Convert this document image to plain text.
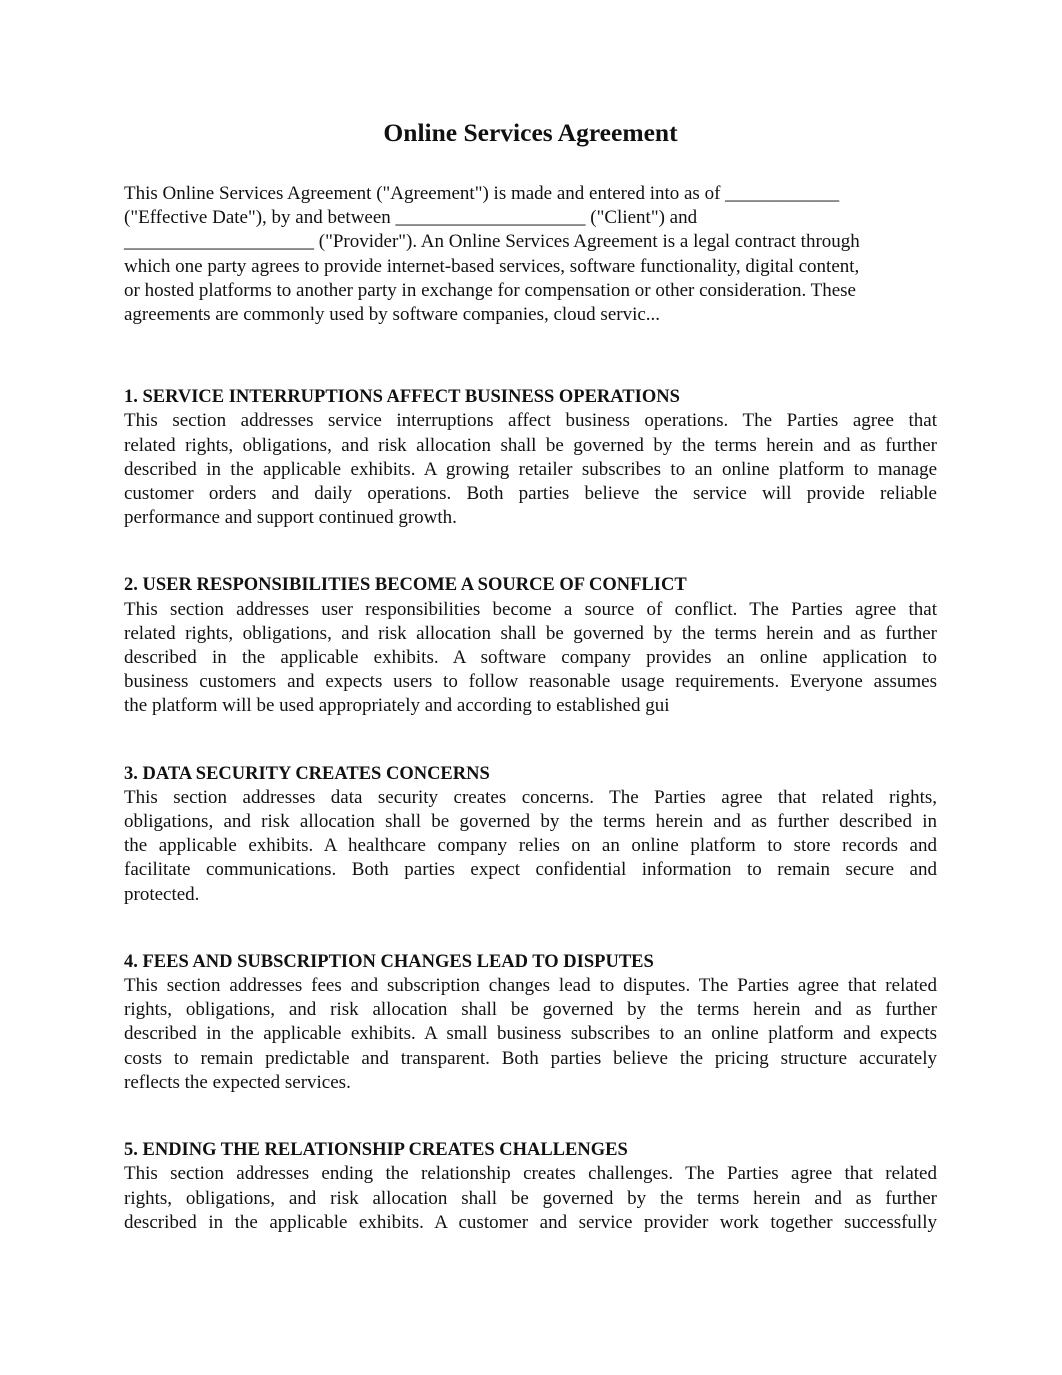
Online Services Agreement
This Online Services Agreement ("Agreement") is made and entered into as of ____________
("Effective Date"), by and between ____________________ ("Client") and
____________________ ("Provider"). An Online Services Agreement is a legal contract through
which one party agrees to provide internet-based services, software functionality, digital content,
or hosted platforms to another party in exchange for compensation or other consideration. These
agreements are commonly used by software companies, cloud servic...
1. SERVICE INTERRUPTIONS AFFECT BUSINESS OPERATIONS
This section addresses service interruptions affect business operations. The Parties agree that
related rights, obligations, and risk allocation shall be governed by the terms herein and as further
described in the applicable exhibits. A growing retailer subscribes to an online platform to manage
customer orders and daily operations. Both parties believe the service will provide reliable
performance and support continued growth.
2. USER RESPONSIBILITIES BECOME A SOURCE OF CONFLICT
This section addresses user responsibilities become a source of conflict. The Parties agree that
related rights, obligations, and risk allocation shall be governed by the terms herein and as further
described in the applicable exhibits. A software company provides an online application to
business customers and expects users to follow reasonable usage requirements. Everyone assumes
the platform will be used appropriately and according to established gui
3. DATA SECURITY CREATES CONCERNS
This section addresses data security creates concerns. The Parties agree that related rights,
obligations, and risk allocation shall be governed by the terms herein and as further described in
the applicable exhibits. A healthcare company relies on an online platform to store records and
facilitate communications. Both parties expect confidential information to remain secure and
protected.
4. FEES AND SUBSCRIPTION CHANGES LEAD TO DISPUTES
This section addresses fees and subscription changes lead to disputes. The Parties agree that related
rights, obligations, and risk allocation shall be governed by the terms herein and as further
described in the applicable exhibits. A small business subscribes to an online platform and expects
costs to remain predictable and transparent. Both parties believe the pricing structure accurately
reflects the expected services.
5. ENDING THE RELATIONSHIP CREATES CHALLENGES
This section addresses ending the relationship creates challenges. The Parties agree that related
rights, obligations, and risk allocation shall be governed by the terms herein and as further
described in the applicable exhibits. A customer and service provider work together successfully
